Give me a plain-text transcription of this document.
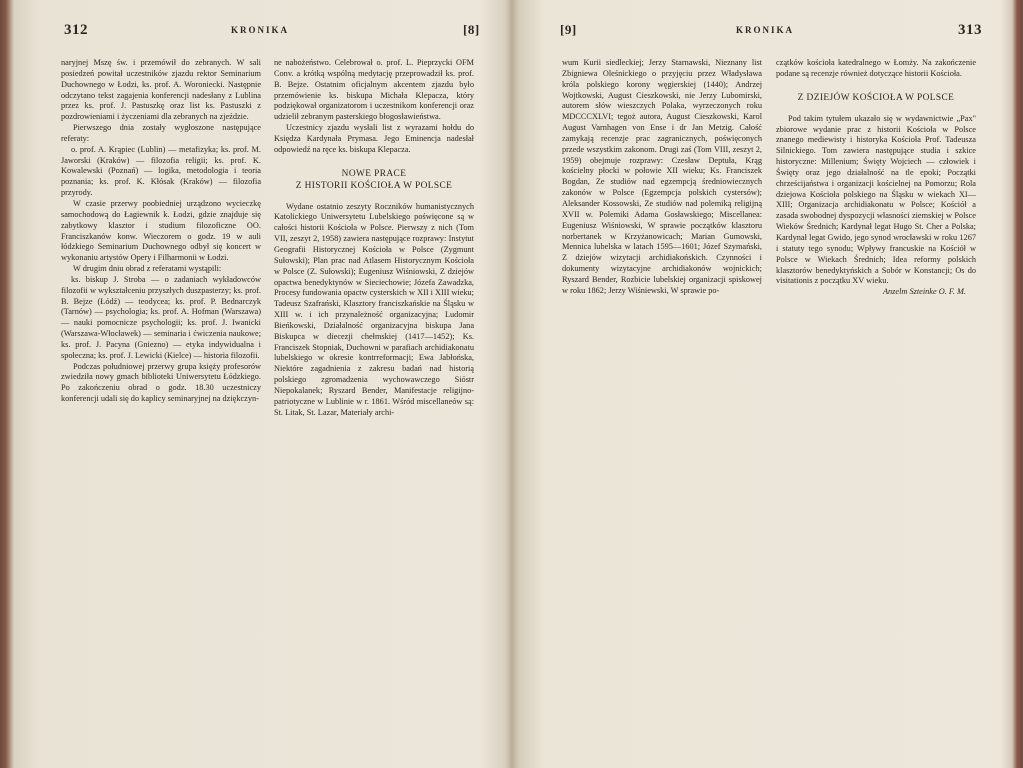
312	KRONIKA	[8]

naryjnej Mszę św. i przemówił do zebranych. W sali posiedzeń powitał uczestników zjazdu rektor Seminarium Duchownego w Łodzi, ks. prof. A. Woroniecki. Następnie odczytano tekst zagajenia konferencji nadesłany z Lublina przez ks. prof. J. Pastuszkę oraz list ks. Pastuszki z pozdrowieniami i życzeniami dla zebranych na zjeździe.

Pierwszego dnia zostały wygłoszone następujące referaty:

o. prof. A. Krąpiec (Lublin) — metafizyka; ks. prof. M. Jaworski (Kraków) — filozofia religii; ks. prof. K. Kowalewski (Poznań) — logika, metodologia i teoria poznania; ks. prof. K. Kłósak (Kraków) — filozofia przyrody.

W czasie przerwy poobiedniej urządzono wycieczkę samochodową do Łagiewnik k. Łodzi, gdzie znajduje się zabytkowy klasztor i studium filozoficzne OO. Franciszkanów konw. Wieczorem o godz. 19 w auli łódzkiego Seminarium Duchownego odbył się koncert w wykonaniu artystów Opery i Filharmonii w Łodzi.

W drugim dniu obrad z referatami wystąpili:

ks. biskup J. Stroba — o zadaniach wykładowców filozofii w wykształceniu przyszłych duszpasterzy; ks. prof. B. Bejze (Łódź) — teodycea; ks. prof. P. Bednarczyk (Tarnów) — psychologia; ks. prof. A. Hofman (Warszawa) — nauki pomocnicze psychologii; ks. prof. J. Iwanicki (Warszawa-Włocławek) — seminaria i ćwiczenia naukowe; ks. prof. J. Pacyna (Gniezno) — etyka indywidualna i społeczna; ks. prof. J. Lewicki (Kielce) — historia filozofii.

Podczas południowej przerwy grupa księży profesorów zwiedziła nowy gmach biblioteki Uniwersytetu Łódzkiego. Po zakończeniu obrad o godz. 18.30 uczestniczy konferencji udali się do kaplicy seminaryjnej na dziękczyn-

ne nabożeństwo. Celebrował o. prof. L. Pieprzycki OFM Conv. a krótką wspólną medytację przeprowadził ks. prof. B. Bejze. Ostatnim oficjalnym akcentem zjazdu było przemówienie ks. biskupa Michała Klepacza, który podziękował organizatorom i uczestnikom konferencji oraz udzielił zebranym pasterskiego błogosławieństwa.

Uczestnicy zjazdu wysłali list z wyrazami hołdu do Księdza Kardynała Prymasa. Jego Eminencja nadesłał odpowiedź na ręce ks. biskupa Klepacza.

NOWE PRACE
Z HISTORII KOŚCIOŁA W POLSCE

Wydane ostatnio zeszyty Roczników humanistycznych Katolickiego Uniwersytetu Lubelskiego poświęcone są w całości historii Kościoła w Polsce. Pierwszy z nich (Tom VII, zeszyt 2, 1958) zawiera następujące rozprawy: Instytut Geografii Historycznej Kościoła w Polsce (Zygmunt Sułowski); Plan prac nad Atlasem Historycznym Kościoła w Polsce (Z. Sułowski); Eugeniusz Wiśniowski, Z dziejów opactwa benedyktynów w Sieciechowie; Józefa Zawadzka, Procesy fundowania opactw cysterskich w XII i XIII wieku; Tadeusz Szafrański, Klasztory franciszkańskie na Śląsku w XIII w. i ich przynależność organizacyjna; Ludomir Bieńkowski, Działalność organizacyjna biskupa Jana Biskupca w diecezji chełmskiej (1417—1452); Ks. Franciszek Stopniak, Duchowni w parafiach archidiakonatu lubelskiego w okresie kontrreformacji; Ewa Jabłońska, Niektóre zagadnienia z zakresu badań nad historią polskiego zgromadzenia wychowawczego Sióstr Niepokalanek; Ryszard Bender, Manifestacje religijno-patriotyczne w Lublinie w r. 1861. Wśród miscellaneów są: St. Litak, St. Lazar, Materiały archi-

[9]	KRONIKA	313

wum Kurii siedleckiej; Jerzy Starnawski, Nieznany list Zbigniewa Oleśnickiego o przyjęciu przez Władysława króla polskiego korony węgierskiej (1440); Andrzej Wojtkowski, August Cieszkowski, nie Jerzy Lubomirski, autorem słów wieszczych Polaka, wyrzeczonych roku MDCCCXLVI; tegoż autora, August Cieszkowski, Karol August Varnhagen von Ense i dr Jan Metzig. Całość zamykają recenzje prac zagranicznych, poświęconych przede wszystkim zakonom. Drugi zaś (Tom VIII, zeszyt 2, 1959) obejmuje rozprawy: Czesław Deptuła, Krąg kościelny płocki w połowie XII wieku; Ks. Franciszek Bogdan, Ze studiów nad egzempcją średniowiecznych zakonów w Polsce (Egzempcja polskich cystersów); Aleksander Kossowski, Ze studiów nad polemiką religijną XVII w. Polemiki Adama Gosławskiego; Miscellanea: Eugeniusz Wiśniowski, W sprawie początków klasztoru norbertanek w Krzyżanowicach; Marian Gumowski, Mennica lubelska w latach 1595—1601; Józef Szymański, Z dziejów wizytacji archidiakońskich. Czynności i dokumenty wizytacyjne archidiakonów wojnickich; Ryszard Bender, Rozbicie lubelskiej organizacji spiskowej w roku 1862; Jerzy Wiśniewski, W sprawie po-

czątków kościoła katedralnego w Łomży. Na zakończenie podane są recenzje również dotyczące historii Kościoła.

Z DZIEJÓW KOŚCIOŁA W POLSCE

Pod takim tytułem ukazało się w wydawnictwie „Pax" zbiorowe wydanie prac z historii Kościoła w Polsce znanego mediewisty i historyka Kościoła Prof. Tadeusza Silnickiego. Tom zawiera następujące studia i szkice historyczne: Millenium; Święty Wojciech — człowiek i Święty oraz jego działalność na tle epoki; Początki chrześcijaństwa i organizacji kościelnej na Pomorzu; Rola dziejowa Kościoła polskiego na Śląsku w wiekach XI—XIII; Organizacja archidiakonatu w Polsce; Kościół a zasada swobodnej dyspozycji własności ziemskiej w Polsce Wieków Średnich; Kardynał legat Hugo St. Cher a Polska; Kardynał legat Gwido, jego synod wrocławski w roku 1267 i statuty tego synodu; Wpływy francuskie na Kościół w Polsce w Wiekach Średnich; Idea reformy polskich klasztorów benedyktyńskich a Sobór w Konstancji; Os do visitationis z początku XV wieku.

Anzelm Szteinke O. F. M.
